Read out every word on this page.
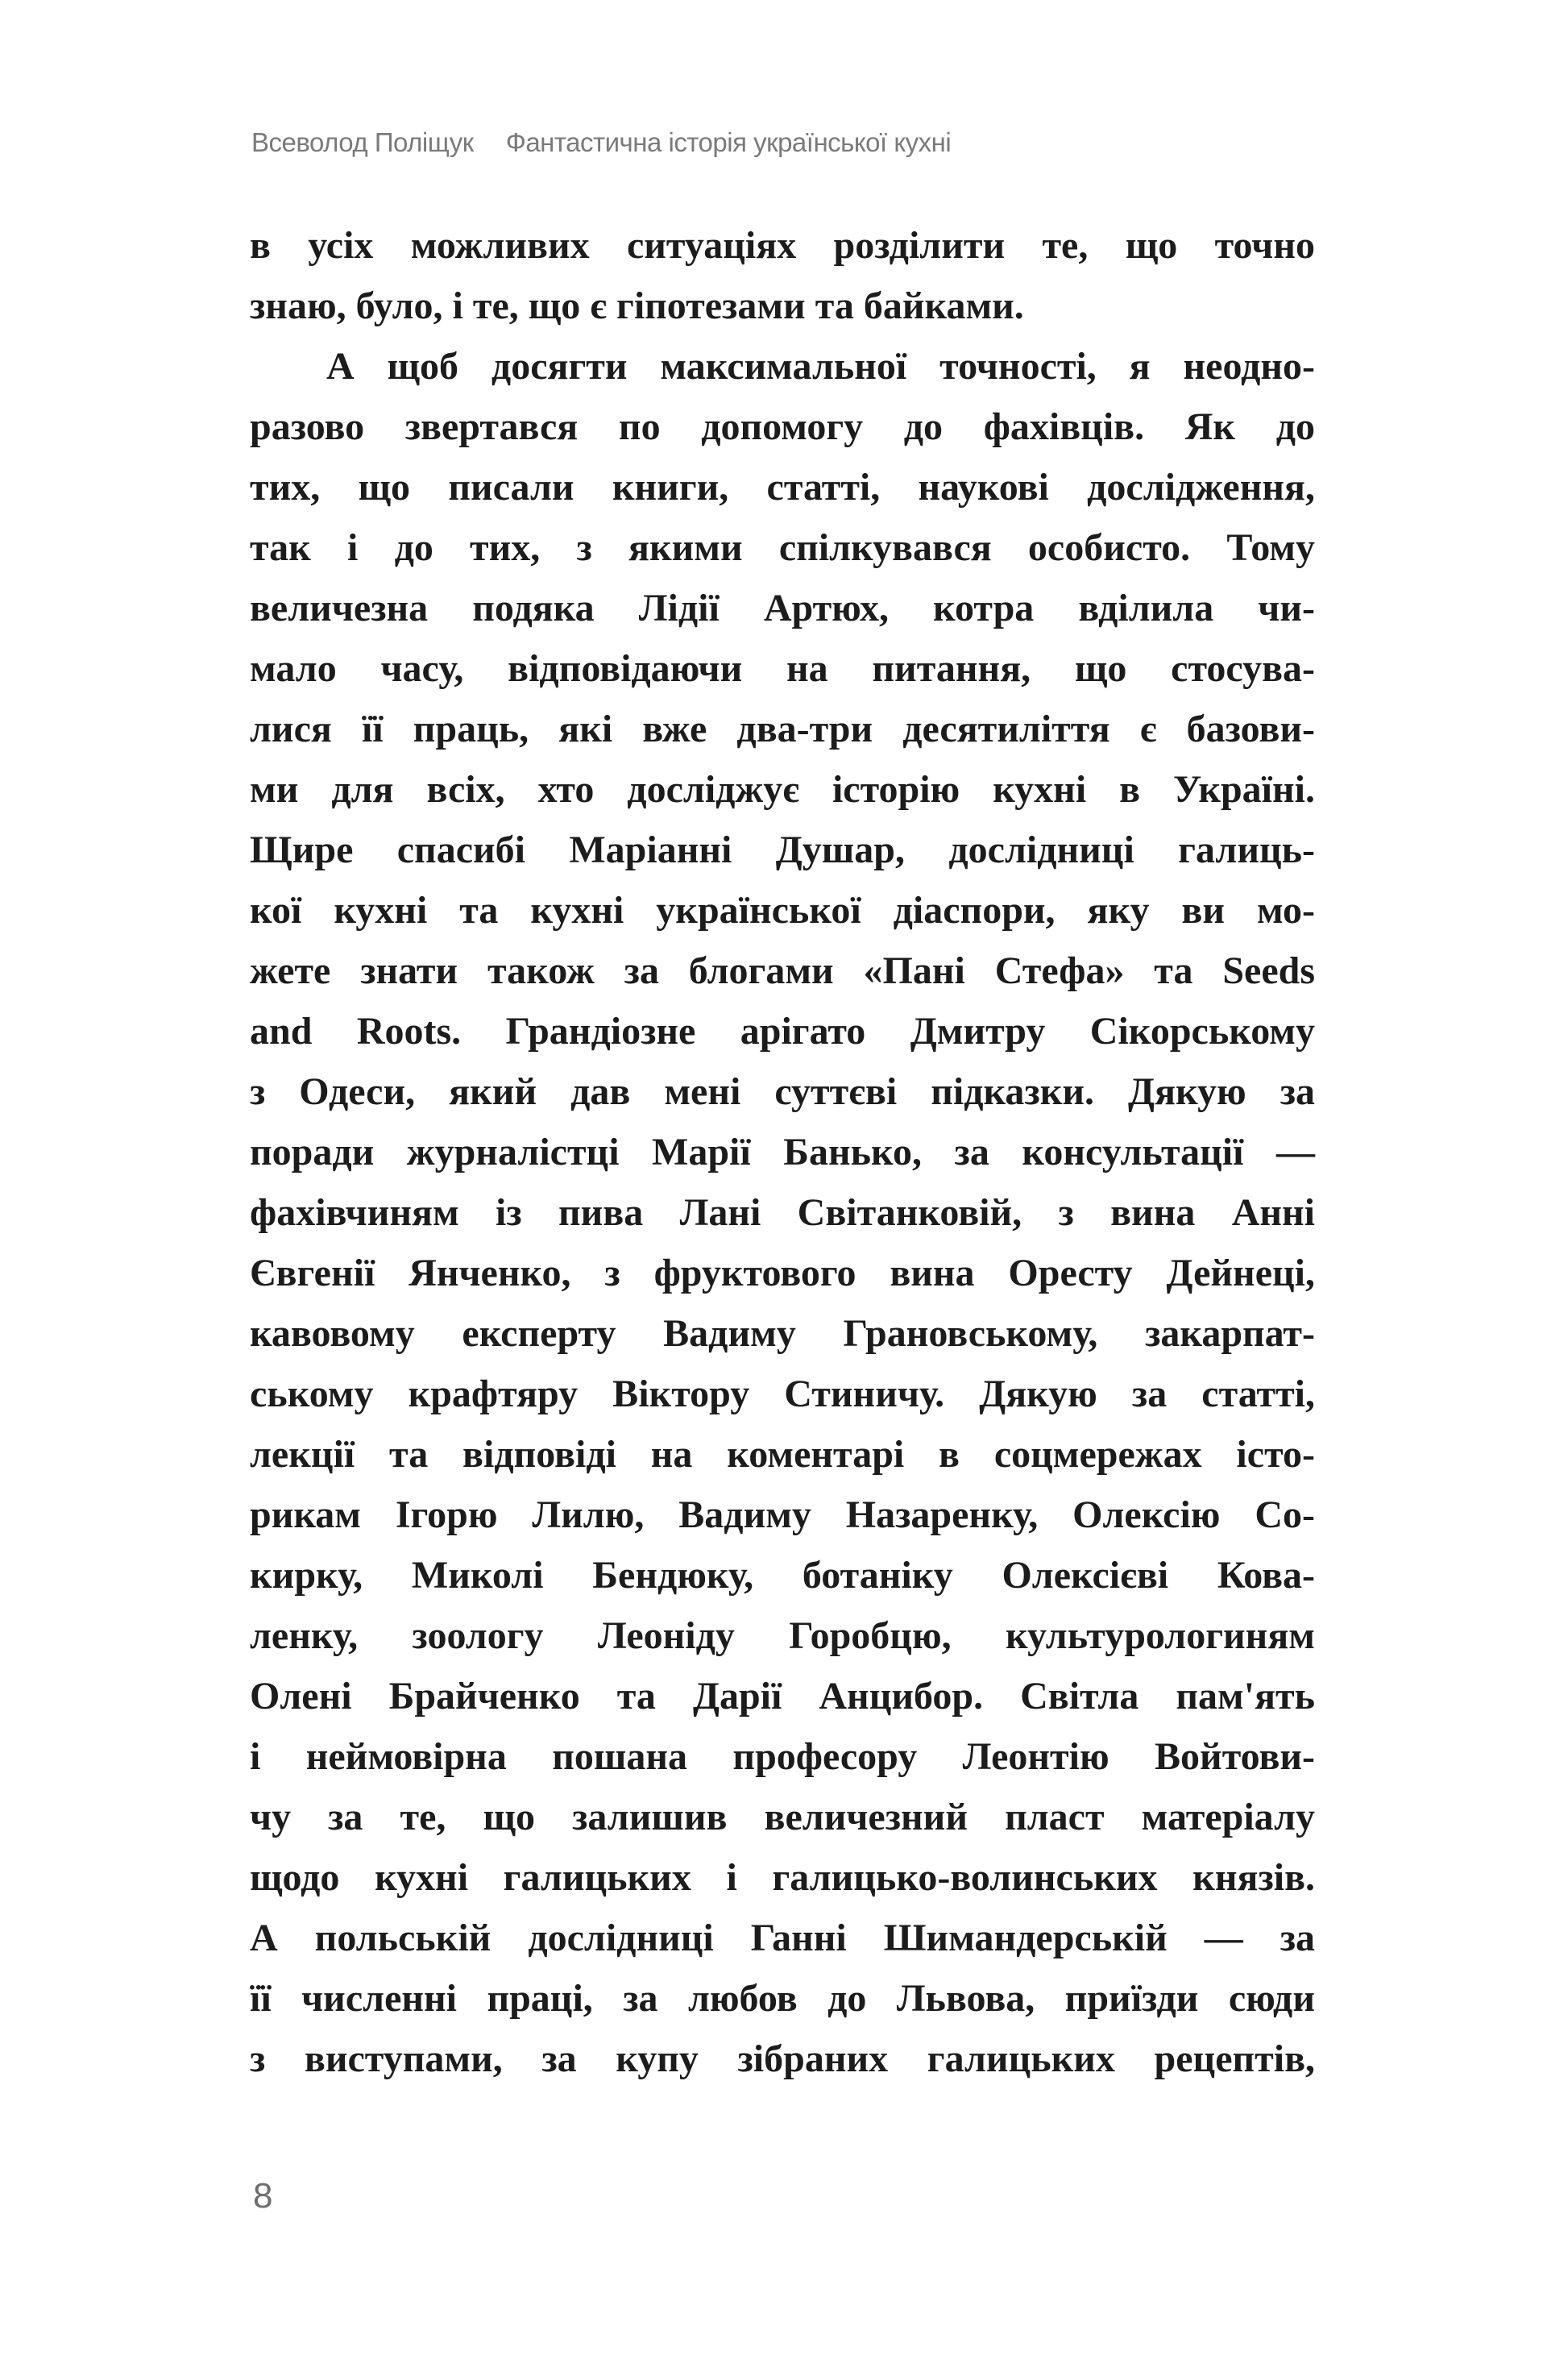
Всеволод Поліщук Фантастична історія української кухні
в усіх можливих ситуаціях розділити те, що точно
знаю, було, і те, що є гіпотезами та байками.
А щоб досягти максимальної точності, я неодно-
разово звертався по допомогу до фахівців. Як до
тих, що писали книги, статті, наукові дослідження,
так і до тих, з якими спілкувався особисто. Тому
величезна подяка Лідії Артюх, котра вділила чи-
мало часу, відповідаючи на питання, що стосува-
лися її праць, які вже два-три десятиліття є базови-
ми для всіх, хто досліджує історію кухні в Україні.
Щире спасибі Маріанні Душар, дослідниці галиць-
кої кухні та кухні української діаспори, яку ви мо-
жете знати також за блогами «Пані Стефа» та Seeds
and Roots. Грандіозне арігато Дмитру Сікорському
з Одеси, який дав мені суттєві підказки. Дякую за
поради журналістці Марії Банько, за консультації —
фахівчиням із пива Лані Світанковій, з вина Анні
Євгенії Янченко, з фруктового вина Оресту Дейнеці,
кавовому експерту Вадиму Грановському, закарпат-
ському крафтяру Віктору Стиничу. Дякую за статті,
лекції та відповіді на коментарі в соцмережах істо-
рикам Ігорю Лилю, Вадиму Назаренку, Олексію Со-
кирку, Миколі Бендюку, ботаніку Олексієві Кова-
ленку, зоологу Леоніду Горобцю, культурологиням
Олені Брайченко та Дарії Анцибор. Світла пам'ять
і неймовірна пошана професору Леонтію Войтови-
чу за те, що залишив величезний пласт матеріалу
щодо кухні галицьких і галицько-волинських князів.
А польській дослідниці Ганні Шимандерській — за
її численні праці, за любов до Львова, приїзди сюди
з виступами, за купу зібраних галицьких рецептів,
8
